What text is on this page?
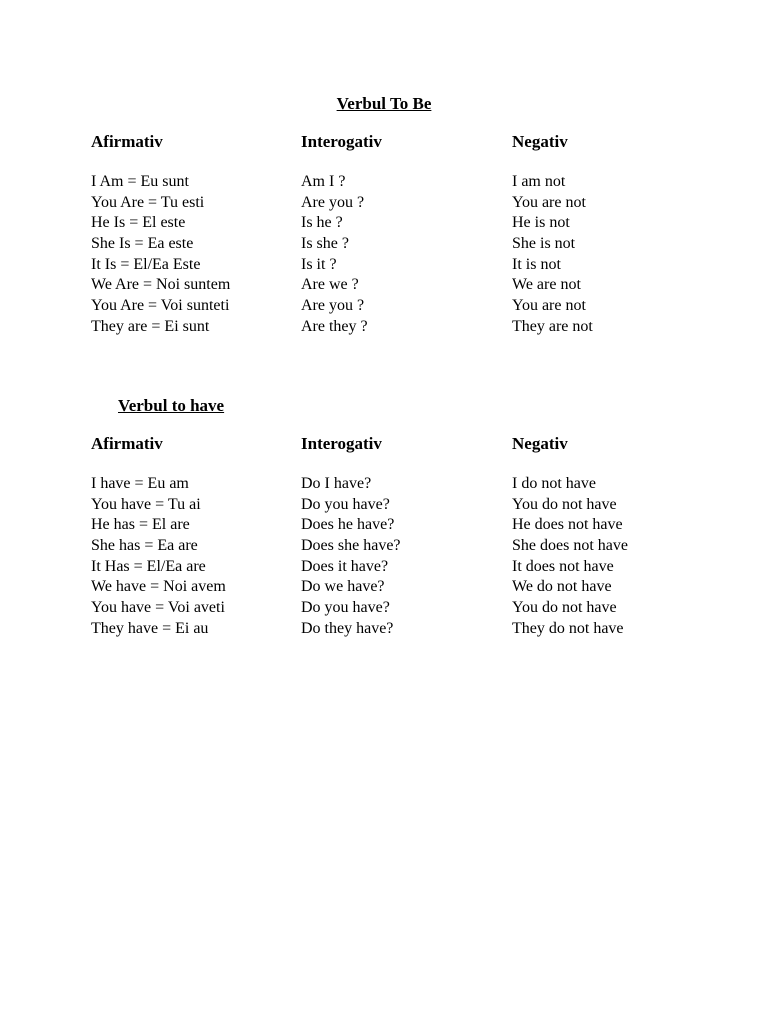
Verbul To Be
Afirmativ
I Am = Eu sunt
You Are = Tu esti
He Is = El este
She Is = Ea este
It Is = El/Ea Este
We Are = Noi suntem
You Are = Voi sunteti
They are = Ei sunt
Interogativ
Am I ?
Are you ?
Is he ?
Is she ?
Is it ?
Are we ?
Are you ?
Are they ?
Negativ
I am not
You are not
He is not
She is not
It is not
We are not
You are not
They are not
Verbul to have
Afirmativ
I have = Eu am
You have = Tu ai
He has = El are
She has = Ea are
It Has = El/Ea are
We have = Noi avem
You have = Voi aveti
They have = Ei au
Interogativ
Do I have?
Do you have?
Does he have?
Does she have?
Does it have?
Do we have?
Do you have?
Do they have?
Negativ
I do not have
You do not have
He does not have
She does not have
It does not have
We do not have
You do not have
They do not have
